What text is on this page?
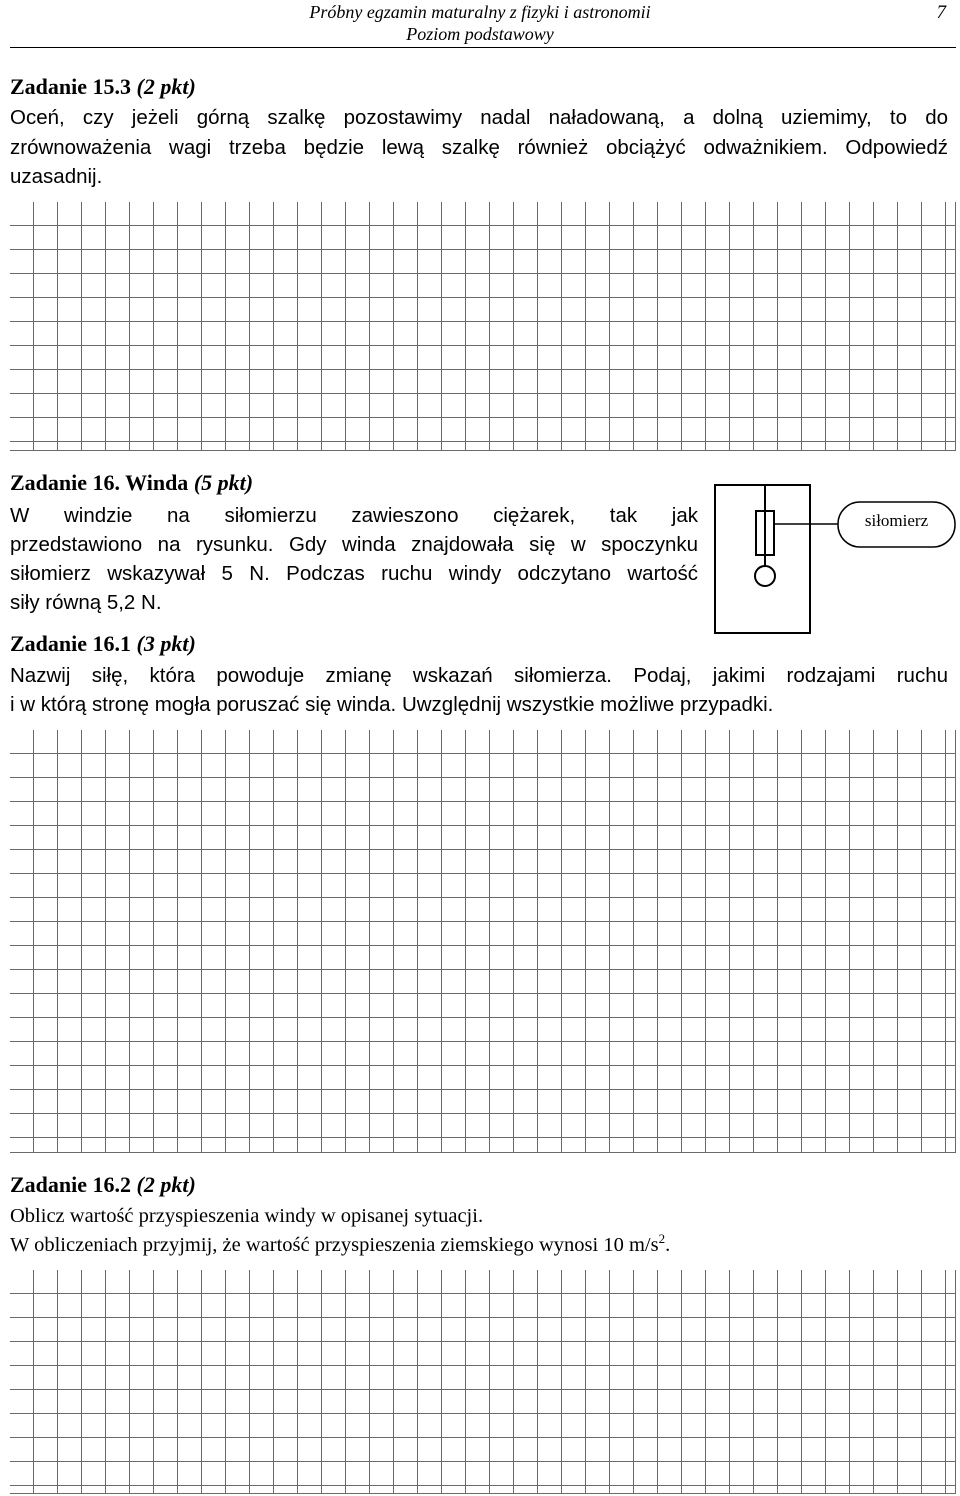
Próbny egzamin maturalny z fizyki i astronomii
Poziom podstawowy
7
Zadanie 15.3 (2 pkt)
Oceń, czy jeżeli górną szalkę pozostawimy nadal naładowaną, a dolną uziemimy, to do
zrównoważenia wagi trzeba będzie lewą szalkę również obciążyć odważnikiem. Odpowiedź
uzasadnij.
Zadanie 16. Winda (5 pkt)
W windzie na siłomierzu zawieszono ciężarek, tak jak
przedstawiono na rysunku. Gdy winda znajdowała się w spoczynku
siłomierz wskazywał 5 N. Podczas ruchu windy odczytano wartość
siły równą 5,2 N.
siłomierz
Zadanie 16.1 (3 pkt)
Nazwij siłę, która powoduje zmianę wskazań siłomierza. Podaj, jakimi rodzajami ruchu
i w którą stronę mogła poruszać się winda. Uwzględnij wszystkie możliwe przypadki.
Zadanie 16.2 (2 pkt)
Oblicz wartość przyspieszenia windy w opisanej sytuacji.
W obliczeniach przyjmij, że wartość przyspieszenia ziemskiego wynosi 10 $m/s^2$.
